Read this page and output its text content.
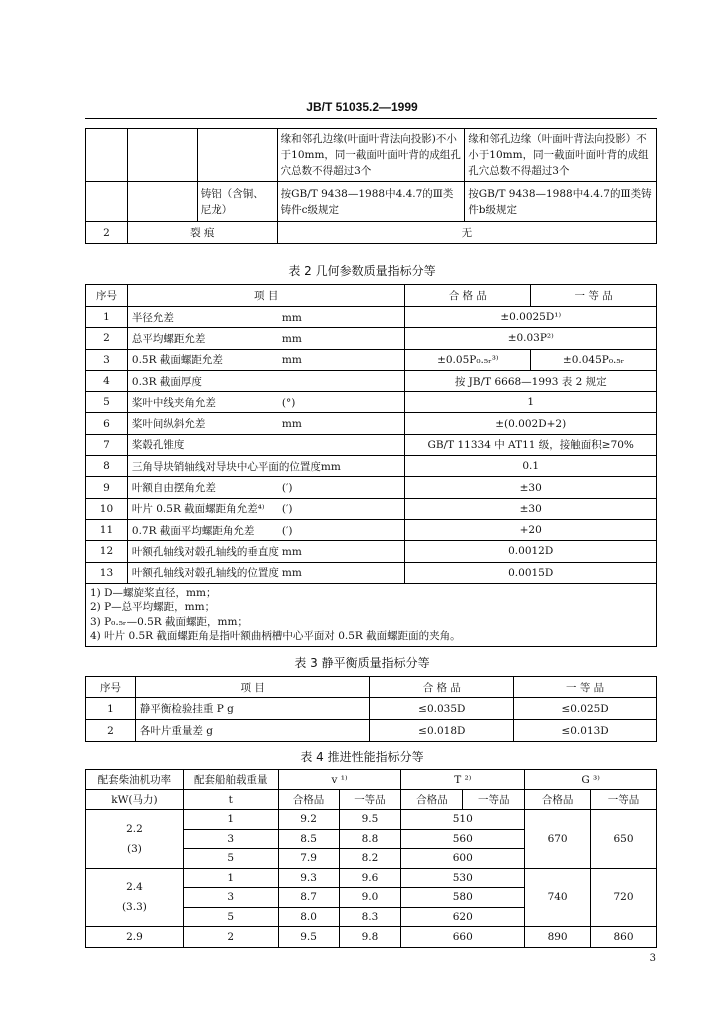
JB/T 51035.2—1999
			缘和邻孔边缘(叶面叶背法向投影)不小于10mm，同一截面叶面叶背的成组孔穴总数不得超过3个	缘和邻孔边缘（叶面叶背法向投影）不小于10mm，同一截面叶面叶背的成组孔穴总数不得超过3个
		铸铝（含铜、尼龙）	按GB/T 9438—1988中4.4.7的Ⅲ类铸件c级规定	按GB/T 9438—1988中4.4.7的Ⅲ类铸件b级规定
2	裂 痕		无	
表 2 几何参数质量指标分等
序号	项 目	合 格 品	一 等 品
1	半径允差 mm	±0.0025D¹⁾	
2	总平均螺距允差 mm	±0.03P²⁾	
3	0.5R 截面螺距允差 mm	±0.05P₀.₅ᵣ³⁾	±0.045P₀.₅ᵣ
4	0.3R 截面厚度	按 JB/T 6668—1993 表 2 规定	
5	桨叶中线夹角允差 (°)	1	
6	桨叶间纵斜允差 mm	±(0.002D+2)	
7	桨毂孔锥度	GB/T 11334 中 AT11 级，接触面积≥70%	
8	三角导块销轴线对导块中心平面的位置度mm	0.1	
9	叶额自由摆角允差 (′)	±30	
10	叶片 0.5R 截面螺距角允差⁴⁾ (′)	±30	
11	0.7R 截面平均螺距角允差 (′)	+20	
12	叶额孔轴线对毂孔轴线的垂直度 mm	0.0012D	
13	叶额孔轴线对毂孔轴线的位置度 mm	0.0015D	

1) D—螺旋桨直径，mm；
2) P—总平均螺距，mm；
3) P₀.₅ᵣ—0.5R 截面螺距，mm；
4) 叶片 0.5R 截面螺距角是指叶额曲柄槽中心平面对 0.5R 截面螺距面的夹角。			
表 3 静平衡质量指标分等
序号	项 目	合 格 品	一 等 品
1	静平衡检验挂重 P g	≤0.035D	≤0.025D
2	各叶片重量差 g	≤0.018D	≤0.013D
表 4 推进性能指标分等
配套柴油机功率	配套船舶载重量	v ¹⁾		T ²⁾		G ³⁾	
kW(马力)	t	合格品	一等品	合格品	一等品	合格品	一等品

2.2
(3)	1	9.2	9.5	510		670	650
	3	8.5	8.8	560			
	5	7.9	8.2	600			

2.4
(3.3)	1	9.3	9.6	530		740	720
	3	8.7	9.0	580			
	5	8.0	8.3	620			

2.9	2	9.5	9.8	660		890	860
3
